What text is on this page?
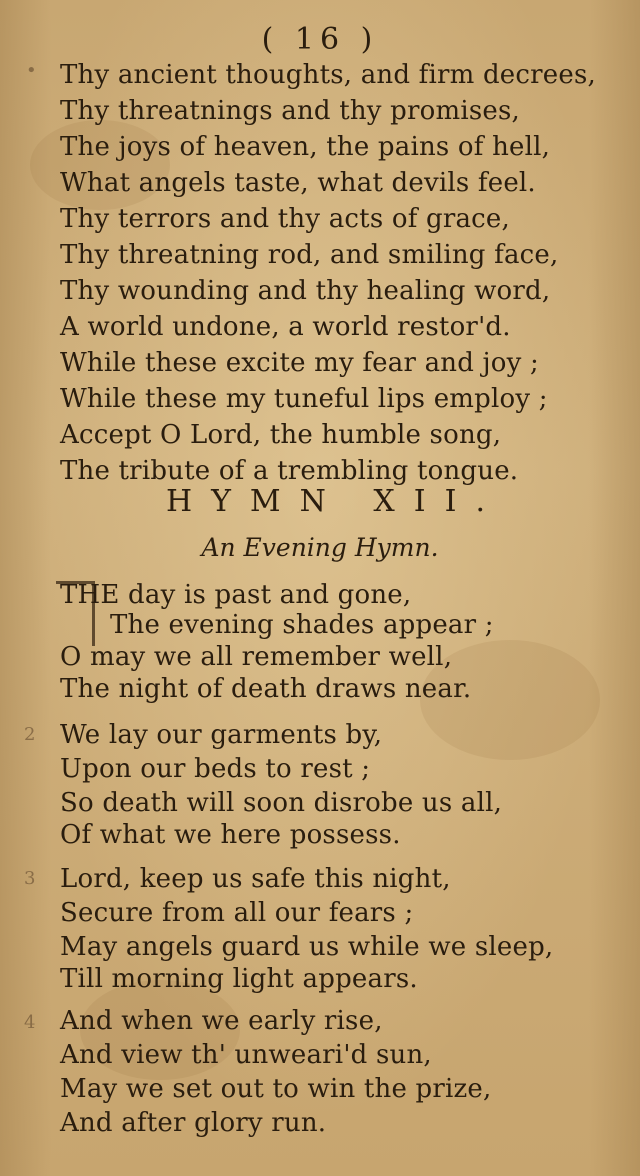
( 16 )
• Thy ancient thoughts, and firm decrees,
Thy threatnings and thy promises,
The joys of heaven, the pains of hell,
What angels taste, what devils feel.
Thy terrors and thy acts of grace,
Thy threatning rod, and smiling face,
Thy wounding and thy healing word,
A world undone, a world restor'd.
While these excite my fear and joy ;
While these my tuneful lips employ ;
Accept O Lord, the humble song,
The tribute of a trembling tongue.
HYMN XII.
An Evening Hymn.
THE day is past and gone,
The evening shades appear ;
O may we all remember well,
The night of death draws near.
2 We lay our garments by,
Upon our beds to rest ;
So death will soon disrobe us all,
Of what we here possess.
3 Lord, keep us safe this night,
Secure from all our fears ;
May angels guard us while we sleep,
Till morning light appears.
4 And when we early rise,
And view th' unweari'd sun,
May we set out to win the prize,
And after glory run.
